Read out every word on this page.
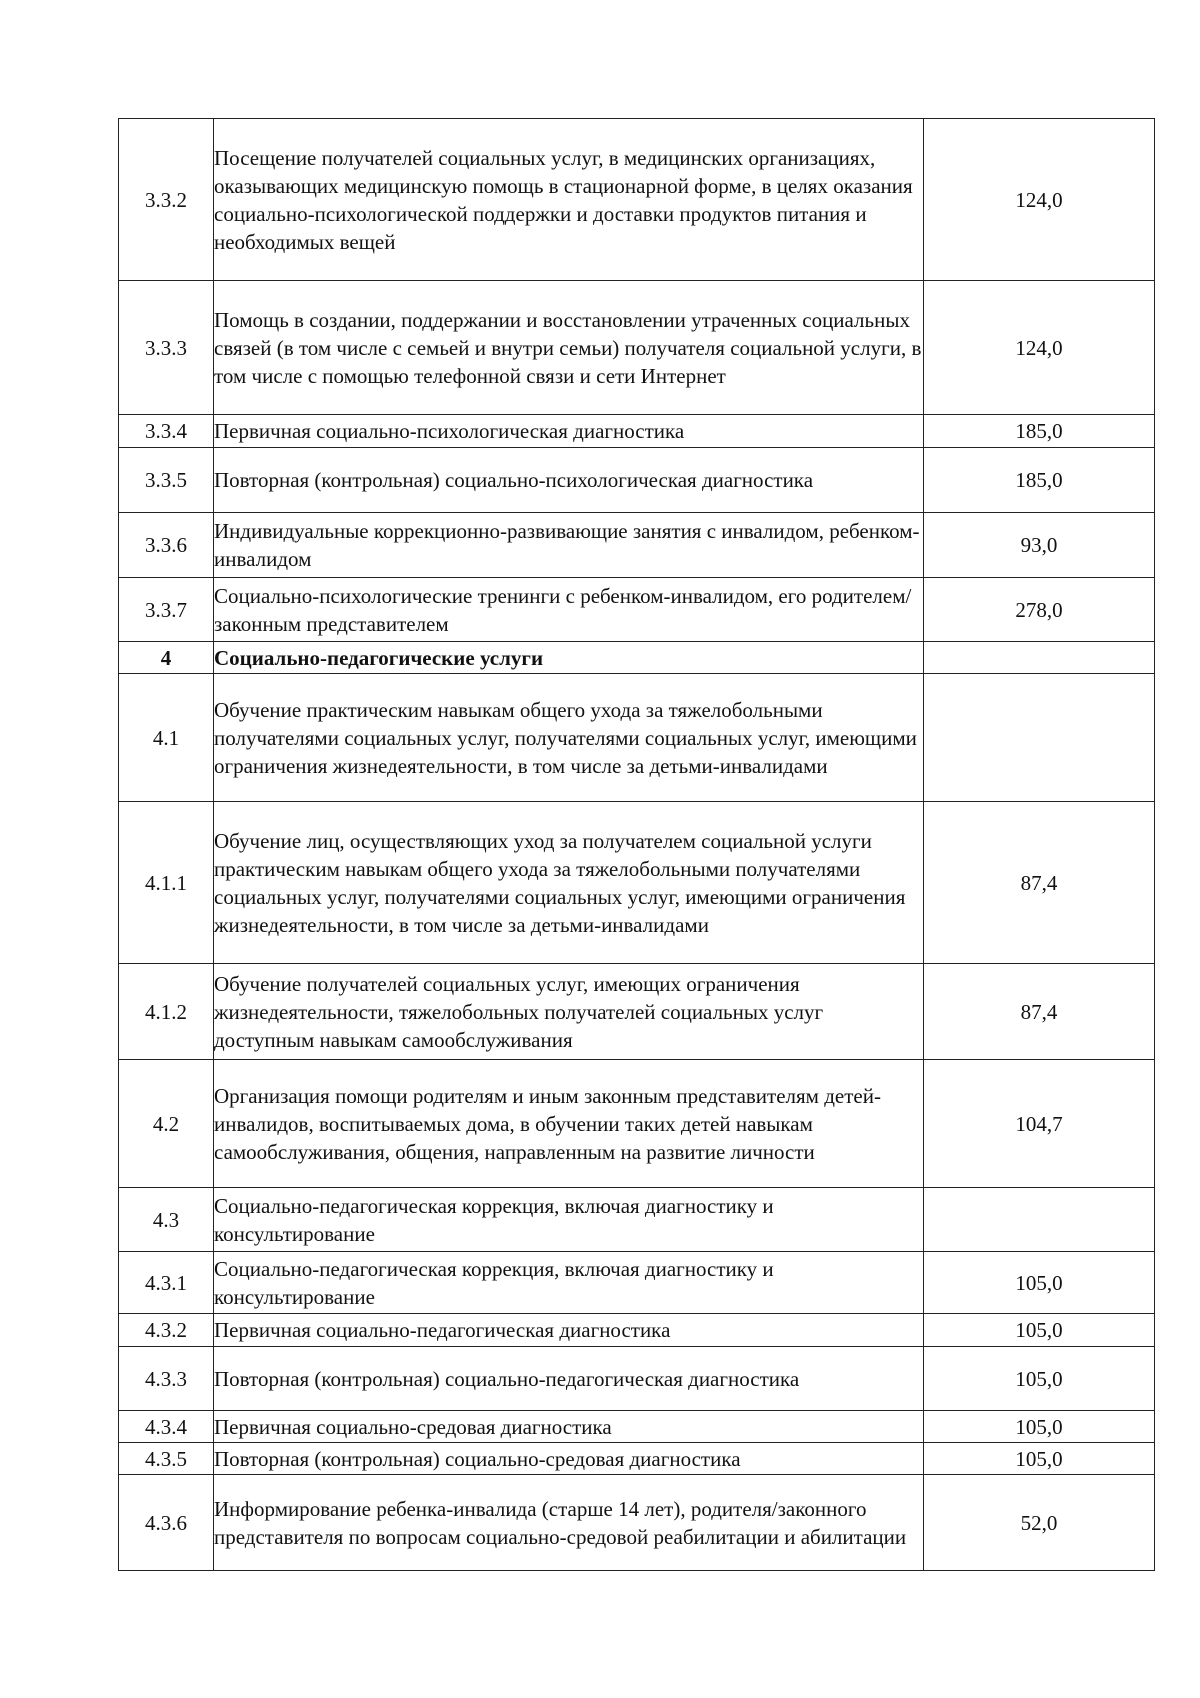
3.3.2	Посещение получателей социальных услуг, в медицинских организациях, оказывающих медицинскую помощь в стационарной форме, в целях оказания социально-психологической поддержки и доставки продуктов питания и необходимых вещей	124,0
3.3.3	Помощь в создании, поддержании и восстановлении утраченных социальных связей (в том числе с семьей и внутри семьи) получателя социальной услуги, в том числе с помощью телефонной связи и сети Интернет	124,0
3.3.4	Первичная социально-психологическая диагностика	185,0
3.3.5	Повторная (контрольная) социально-психологическая диагностика	185,0
3.3.6	Индивидуальные коррекционно-развивающие занятия с инвалидом, ребенком-инвалидом	93,0
3.3.7	Социально-психологические тренинги с ребенком-инвалидом, его родителем/законным представителем	278,0
4	Социально-педагогические услуги	
4.1	Обучение практическим навыкам общего ухода за тяжелобольными получателями социальных услуг, получателями социальных услуг, имеющими ограничения жизнедеятельности, в том числе за детьми-инвалидами	
4.1.1	Обучение лиц, осуществляющих уход за получателем социальной услуги практическим навыкам общего ухода за тяжелобольными получателями социальных услуг, получателями социальных услуг, имеющими ограничения жизнедеятельности, в том числе за детьми-инвалидами	87,4
4.1.2	Обучение получателей социальных услуг, имеющих ограничения жизнедеятельности, тяжелобольных получателей социальных услуг доступным навыкам самообслуживания	87,4
4.2	Организация помощи родителям и иным законным представителям детей-инвалидов, воспитываемых дома, в обучении таких детей навыкам самообслуживания, общения, направленным на развитие личности	104,7
4.3	Социально-педагогическая коррекция, включая диагностику и консультирование	
4.3.1	Социально-педагогическая коррекция, включая диагностику и консультирование	105,0
4.3.2	Первичная социально-педагогическая диагностика	105,0
4.3.3	Повторная (контрольная) социально-педагогическая диагностика	105,0
4.3.4	Первичная социально-средовая диагностика	105,0
4.3.5	Повторная (контрольная) социально-средовая диагностика	105,0
4.3.6	Информирование ребенка-инвалида (старше 14 лет), родителя/законного представителя по вопросам социально-средовой реабилитации и абилитации	52,0
